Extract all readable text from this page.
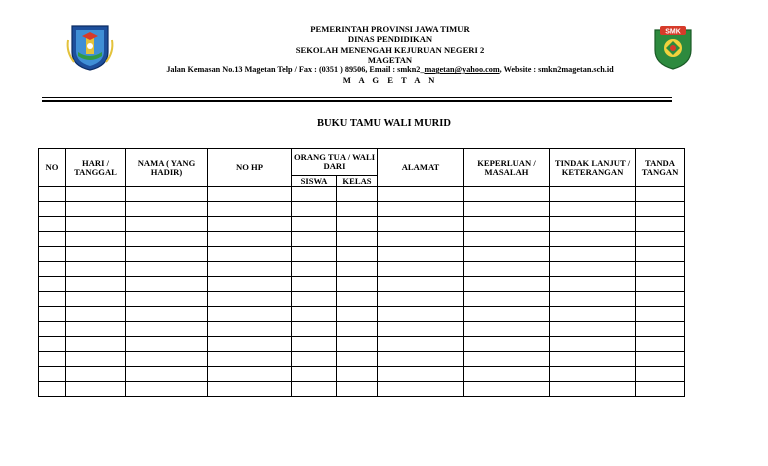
SMK
PEMERINTAH PROVINSI JAWA TIMUR
DINAS PENDIDIKAN
SEKOLAH MENENGAH KEJURUAN NEGERI 2
MAGETAN
Jalan Kemasan No.13 Magetan Telp / Fax : (0351 ) 89506, Email : smkn2_magetan@yahoo.com, Website : smkn2magetan.sch.id
M A G E T A N
BUKU TAMU WALI MURID
NO	HARI / TANGGAL	NAMA ( YANG HADIR)	NO HP	ORANG TUA / WALI DARI		ALAMAT	KEPERLUAN / MASALAH	TINDAK LANJUT / KETERANGAN	TANDA TANGAN
				SISWA	KELAS				
